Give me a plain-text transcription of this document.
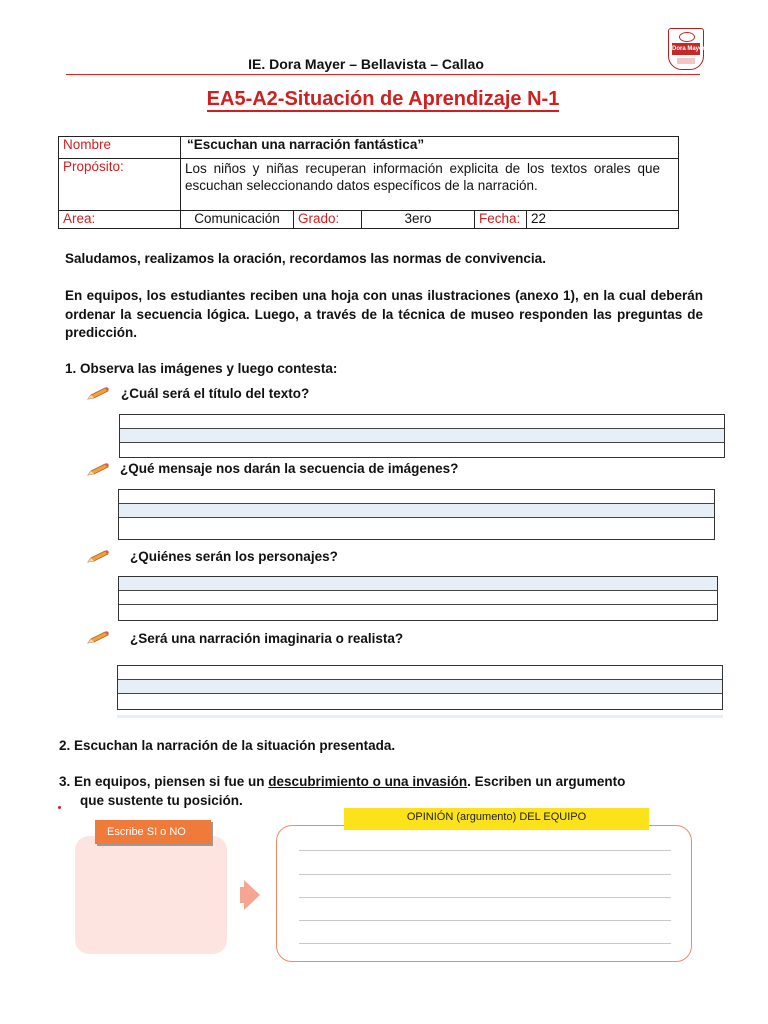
IE. Dora Mayer – Bellavista – Callao
Dora Mayer
EA5-A2-Situación de Aprendizaje N-1
Nombre	“Escuchan una narración fantástica”				
Propósito:	Los niños y niñas recuperan información explicita de los textos orales que escuchan seleccionando datos específicos de la narración.				
Area:	Comunicación	Grado:	3ero	Fecha:	22
Saludamos, realizamos la oración, recordamos las normas de convivencia.
En equipos, los estudiantes reciben una hoja con unas ilustraciones (anexo 1), en la cual deberán ordenar la secuencia lógica. Luego, a través de la técnica de museo responden las preguntas de predicción.
1. Observa las imágenes y luego contesta:
¿Cuál será el título del texto?
¿Qué mensaje nos darán la secuencia de imágenes?
¿Quiénes serán los personajes?
¿Será una narración imaginaria o realista?
2. Escuchan la narración de la situación presentada.
3. En equipos, piensen si fue un descubrimiento o una invasión. Escriben un argumento
que sustente tu posición.
Escribe SI o NO
OPINIÓN (argumento) DEL EQUIPO
